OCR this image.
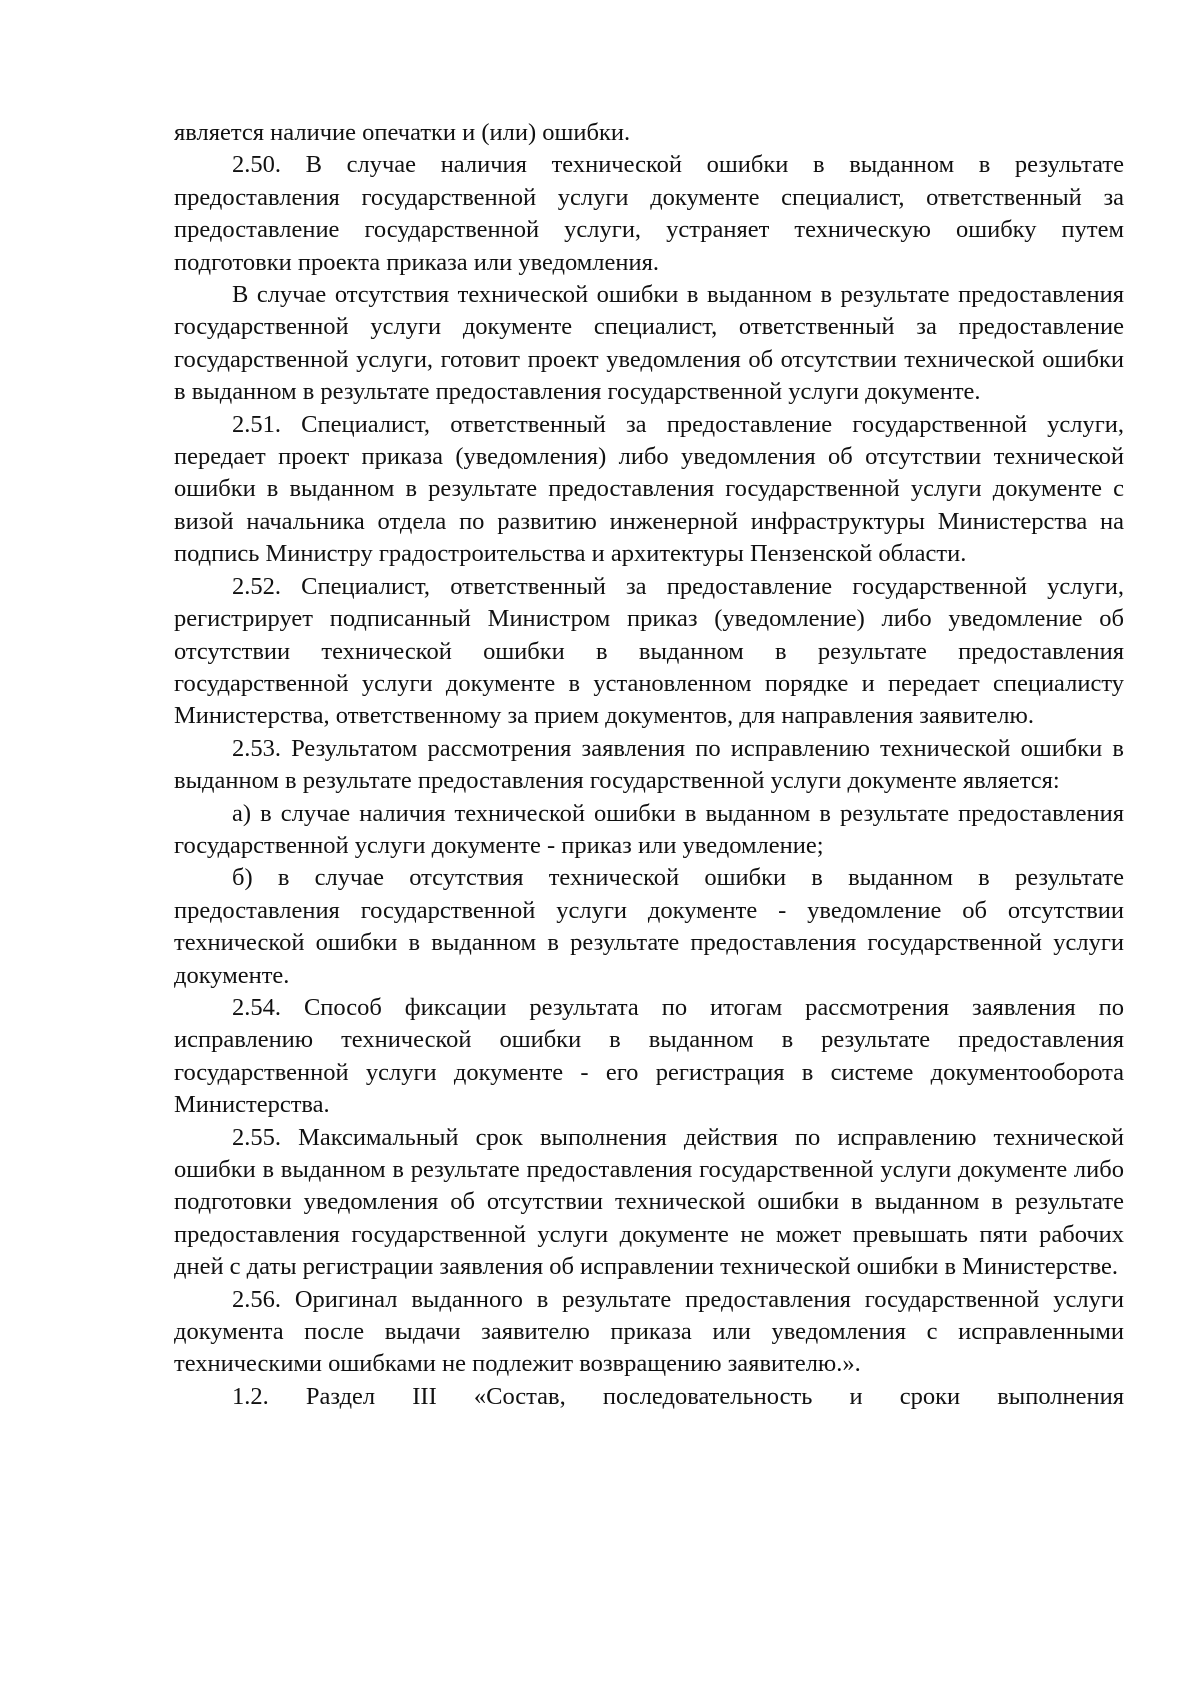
является наличие опечатки и (или) ошибки.

2.50. В случае наличия технической ошибки в выданном в результате предоставления государственной услуги документе специалист, ответственный за предоставление государственной услуги, устраняет техническую ошибку путем подготовки проекта приказа или уведомления.

В случае отсутствия технической ошибки в выданном в результате предоставления государственной услуги документе специалист, ответственный за предоставление государственной услуги, готовит проект уведомления об отсутствии технической ошибки в выданном в результате предоставления государственной услуги документе.

2.51. Специалист, ответственный за предоставление государственной услуги, передает проект приказа (уведомления) либо уведомления об отсутствии технической ошибки в выданном в результате предоставления государственной услуги документе с визой начальника отдела по развитию инженерной инфраструктуры Министерства на подпись Министру градостроительства и архитектуры Пензенской области.

2.52. Специалист, ответственный за предоставление государственной услуги, регистрирует подписанный Министром приказ (уведомление) либо уведомление об отсутствии технической ошибки в выданном в результате предоставления государственной услуги документе в установленном порядке и передает специалисту Министерства, ответственному за прием документов, для направления заявителю.

2.53. Результатом рассмотрения заявления по исправлению технической ошибки в выданном в результате предоставления государственной услуги документе является:

а) в случае наличия технической ошибки в выданном в результате предоставления государственной услуги документе - приказ или уведомление;

б) в случае отсутствия технической ошибки в выданном в результате предоставления государственной услуги документе - уведомление об отсутствии технической ошибки в выданном в результате предоставления государственной услуги документе.

2.54. Способ фиксации результата по итогам рассмотрения заявления по исправлению технической ошибки в выданном в результате предоставления государственной услуги документе - его регистрация в системе документооборота Министерства.

2.55. Максимальный срок выполнения действия по исправлению технической ошибки в выданном в результате предоставления государственной услуги документе либо подготовки уведомления об отсутствии технической ошибки в выданном в результате предоставления государственной услуги документе не может превышать пяти рабочих дней с даты регистрации заявления об исправлении технической ошибки в Министерстве.

2.56. Оригинал выданного в результате предоставления государственной услуги документа после выдачи заявителю приказа или уведомления с исправленными техническими ошибками не подлежит возвращению заявителю.».

1.2. Раздел III «Состав, последовательность и сроки выполнения
